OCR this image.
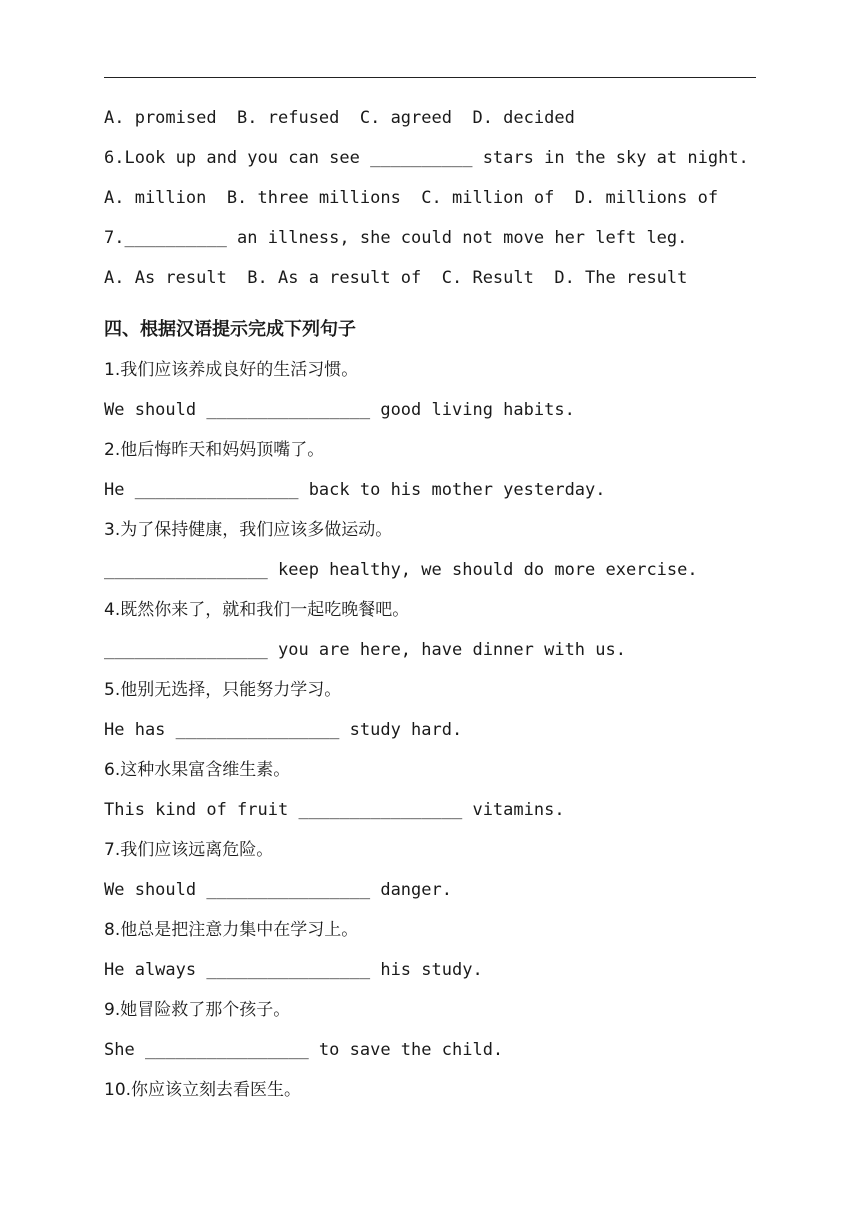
A. promised  B. refused  C. agreed  D. decided
6.Look up and you can see __________ stars in the sky at night.
A. million  B. three millions  C. million of  D. millions of
7.__________ an illness, she could not move her left leg.
A. As result  B. As a result of  C. Result  D. The result
四、根据汉语提示完成下列句子
1.我们应该养成良好的生活习惯。
We should ________________ good living habits.
2.他后悔昨天和妈妈顶嘴了。
He ________________ back to his mother yesterday.
3.为了保持健康，我们应该多做运动。
________________ keep healthy, we should do more exercise.
4.既然你来了，就和我们一起吃晚餐吧。
________________ you are here, have dinner with us.
5.他别无选择，只能努力学习。
He has ________________ study hard.
6.这种水果富含维生素。
This kind of fruit ________________ vitamins.
7.我们应该远离危险。
We should ________________ danger.
8.他总是把注意力集中在学习上。
He always ________________ his study.
9.她冒险救了那个孩子。
She ________________ to save the child.
10.你应该立刻去看医生。
